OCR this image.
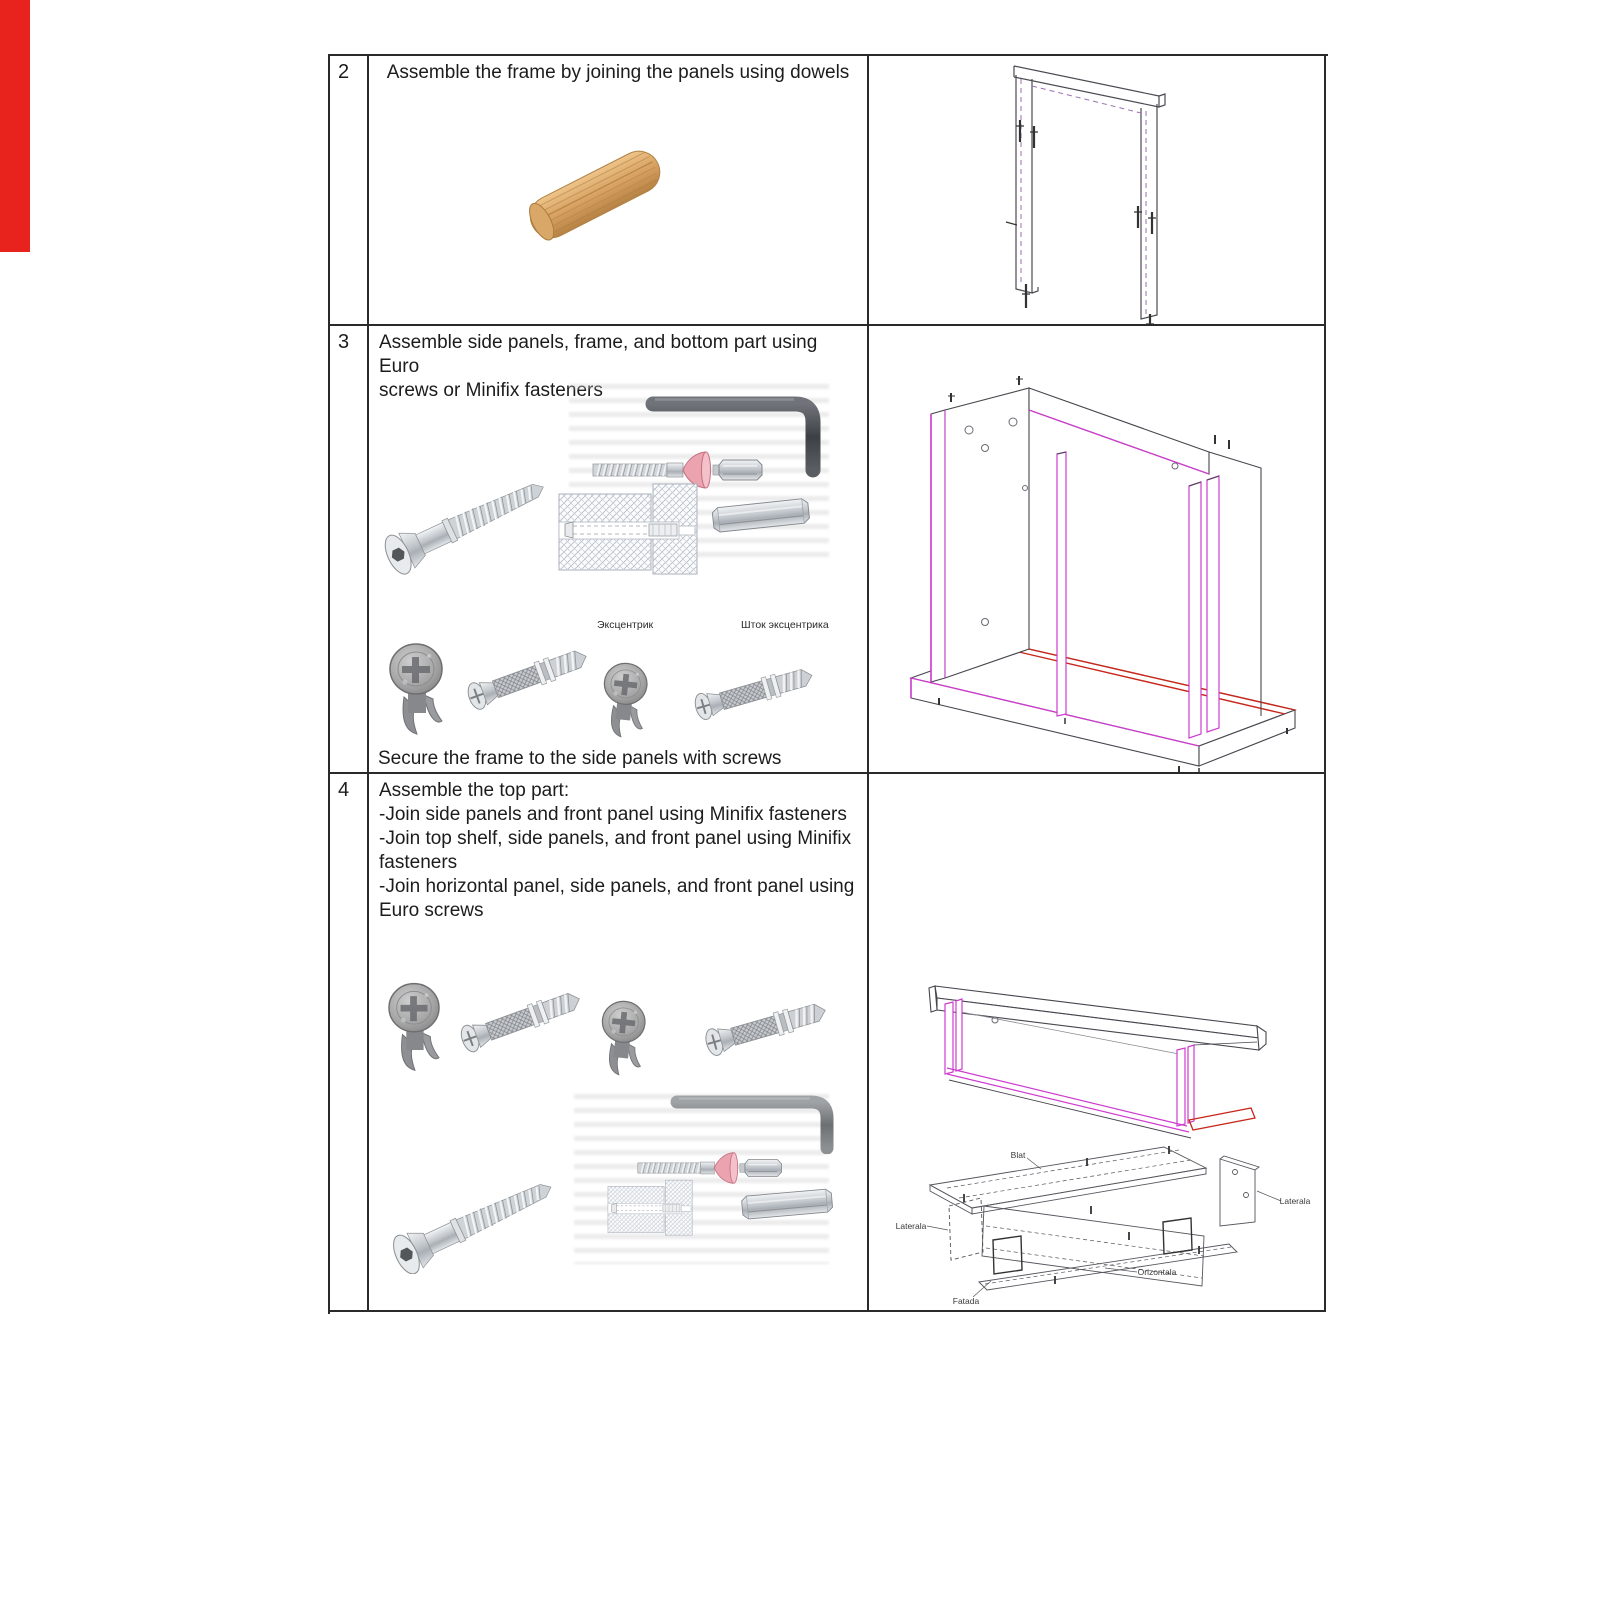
2	Assemble the frame by joining the panels using dowels
3	Assemble side panels, frame, and bottom part using Euro
screws or Minifix fasteners
Эксцентрик	Шток эксцентрика
Secure the frame to the side panels with screws
4	Assemble the top part:
-Join side panels and front panel using Minifix fasteners
-Join top shelf, side panels, and front panel using Minifix
fasteners
-Join horizontal panel, side panels, and front panel using
Euro screws
Blat
Laterala
Laterala
Orizontala
Fatada
